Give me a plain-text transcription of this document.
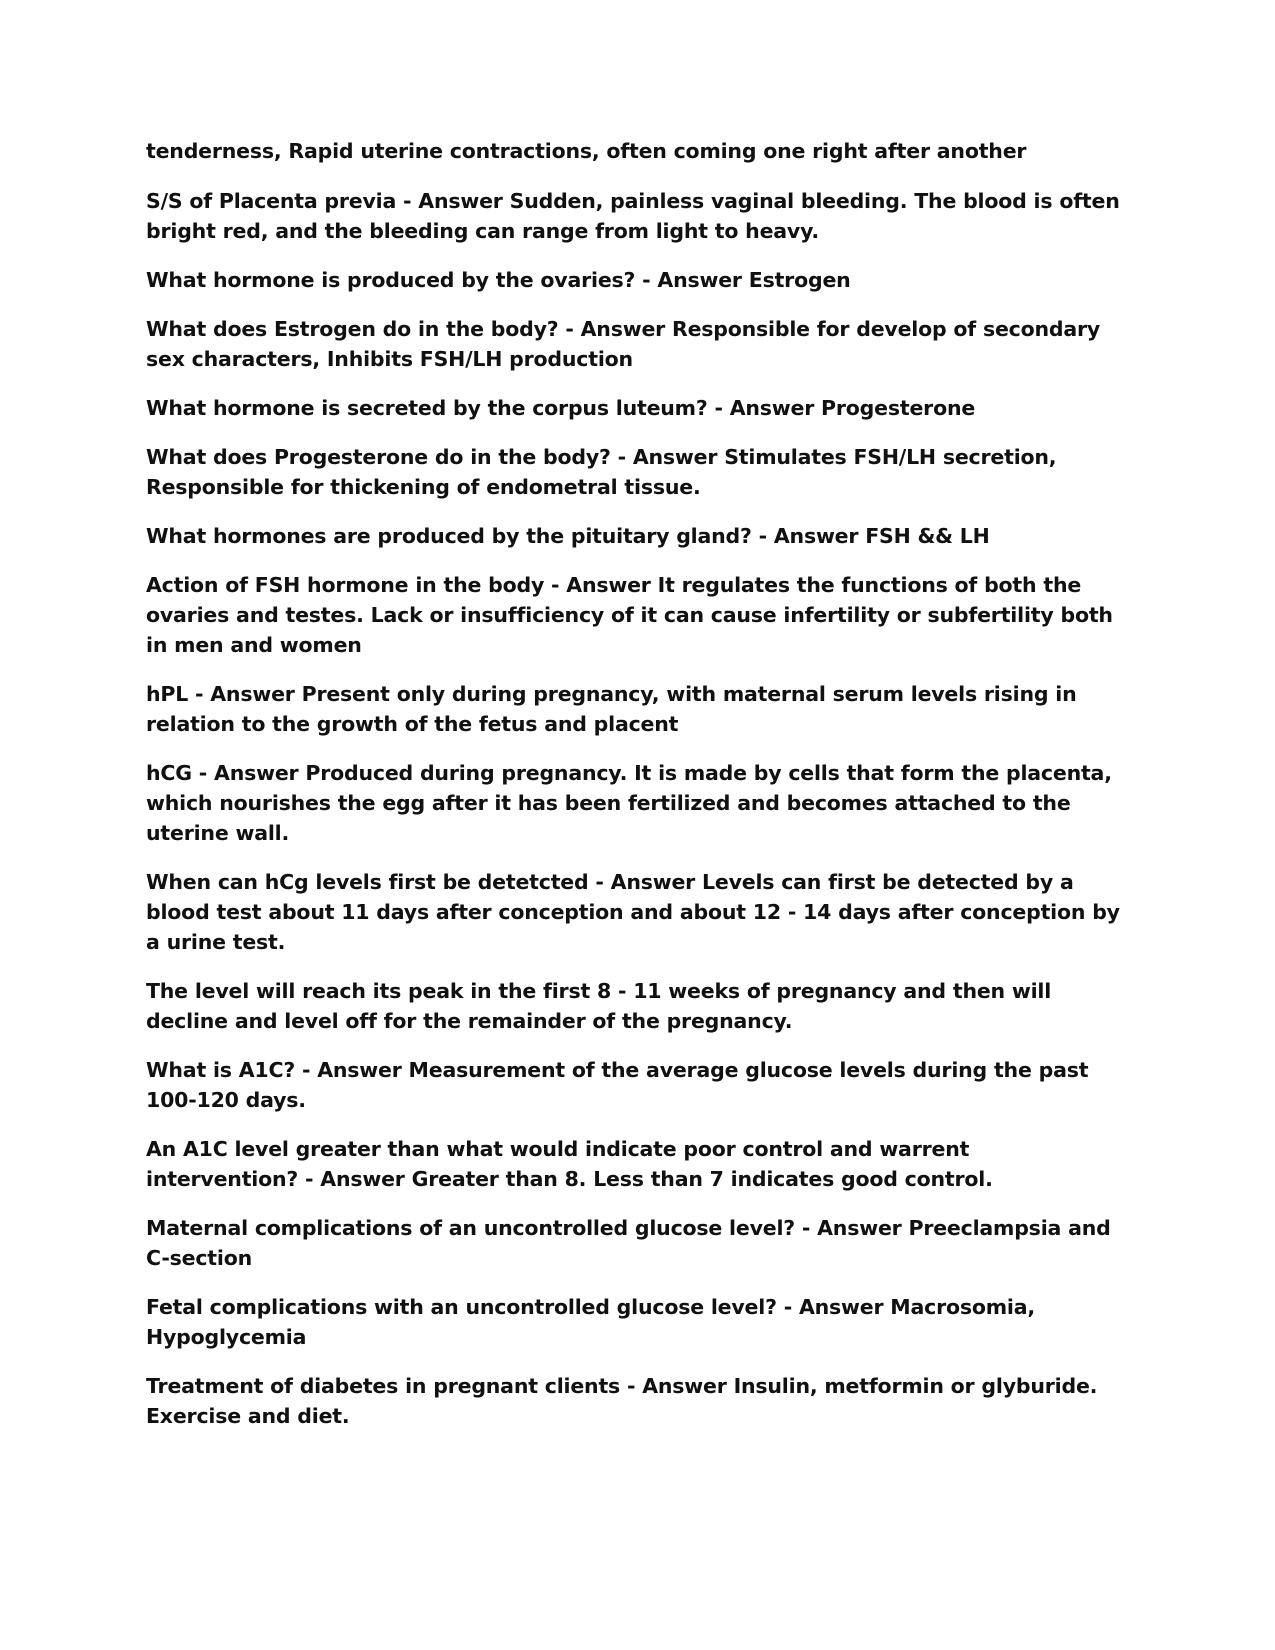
tenderness, Rapid uterine contractions, often coming one right after another

S/S of Placenta previa - Answer Sudden, painless vaginal bleeding. The blood is often bright red, and the bleeding can range from light to heavy.

What hormone is produced by the ovaries? - Answer Estrogen

What does Estrogen do in the body? - Answer Responsible for develop of secondary sex characters, Inhibits FSH/LH production

What hormone is secreted by the corpus luteum? - Answer Progesterone

What does Progesterone do in the body? - Answer Stimulates FSH/LH secretion, Responsible for thickening of endometral tissue.

What hormones are produced by the pituitary gland? - Answer FSH && LH

Action of FSH hormone in the body - Answer It regulates the functions of both the ovaries and testes. Lack or insufficiency of it can cause infertility or subfertility both in men and women

hPL - Answer Present only during pregnancy, with maternal serum levels rising in relation to the growth of the fetus and placent

hCG - Answer Produced during pregnancy. It is made by cells that form the placenta, which nourishes the egg after it has been fertilized and becomes attached to the uterine wall.

When can hCg levels first be detetcted - Answer Levels can first be detected by a blood test about 11 days after conception and about 12 - 14 days after conception by a urine test.

The level will reach its peak in the first 8 - 11 weeks of pregnancy and then will decline and level off for the remainder of the pregnancy.

What is A1C? - Answer Measurement of the average glucose levels during the past 100-120 days.

An A1C level greater than what would indicate poor control and warrent intervention? - Answer Greater than 8. Less than 7 indicates good control.

Maternal complications of an uncontrolled glucose level? - Answer Preeclampsia and C-section

Fetal complications with an uncontrolled glucose level? - Answer Macrosomia, Hypoglycemia

Treatment of diabetes in pregnant clients - Answer Insulin, metformin or glyburide. Exercise and diet.
